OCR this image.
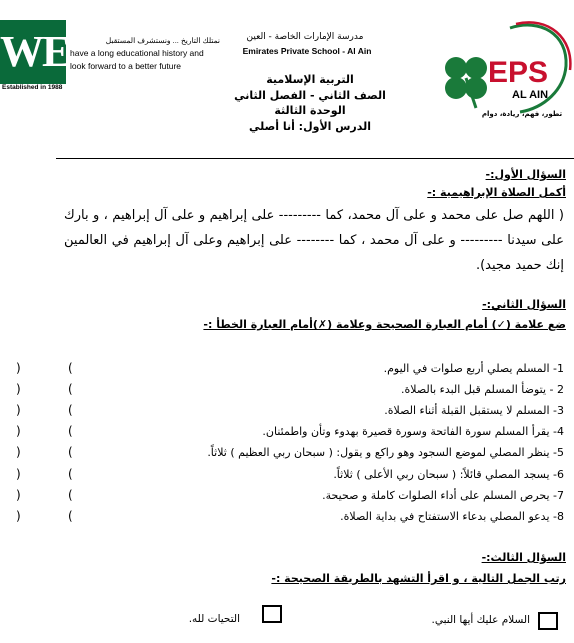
WE
Established in 1988
نمتلك التاريخ ... ونستشرف المستقبل
have a long educational history and
look forward to a better future
مدرسة الإمارات الخاصة - العين
Emirates Private School - Al Ain
EPS
AL AIN
تطور، فهم، ريادة، دوام
التربية الإسلامية
الصف الثاني - الفصل الثاني
الوحدة الثالثة
الدرس الأول: أنا أصلي
السؤال الأول:-
أكمل الصلاة الإبراهيمية :-
( اللهم صل على محمد و على آل محمد، كما --------- على إبراهيم و على آل إبراهيم ، و بارك على سيدنا --------- و على آل محمد ، كما -------- على إبراهيم وعلى آل إبراهيم في العالمين إنك حميد مجيد).
السؤال الثاني:-
ضع علامة (✓) أمام العبارة الصحيحة وعلامة (✗)أمام العبارة الخطأ :-
1- المسلم يصلي أربع صلوات في اليوم.
)	(
2 - يتوضأ المسلم قبل البدء بالصلاة.
)	(
3- المسلم لا يستقبل القبلة أثناء الصلاة.
)	(
4- يقرأ المسلم سورة الفاتحة وسورة قصيرة بهدوء وتأن واطمئنان.
)	(
5- ينظر المصلي لموضع السجود وهو راكع و يقول: ( سبحان ربي العظيم ) ثلاثاً.
)	(
6- يسجد المصلي قائلاً: ( سبحان ربي الأعلى ) ثلاثاً.
)	(
7- يحرص المسلم على أداء الصلوات كاملة و صحيحة.
)	(
8- يدعو المصلي بدعاء الاستفتاح في بداية الصلاة.
)	(
السؤال الثالث:-
رتب الجمل التالية ، و اقرأ التشهد بالطريقة الصحيحة :-
السلام عليك أيها النبي.
التحيات لله.
